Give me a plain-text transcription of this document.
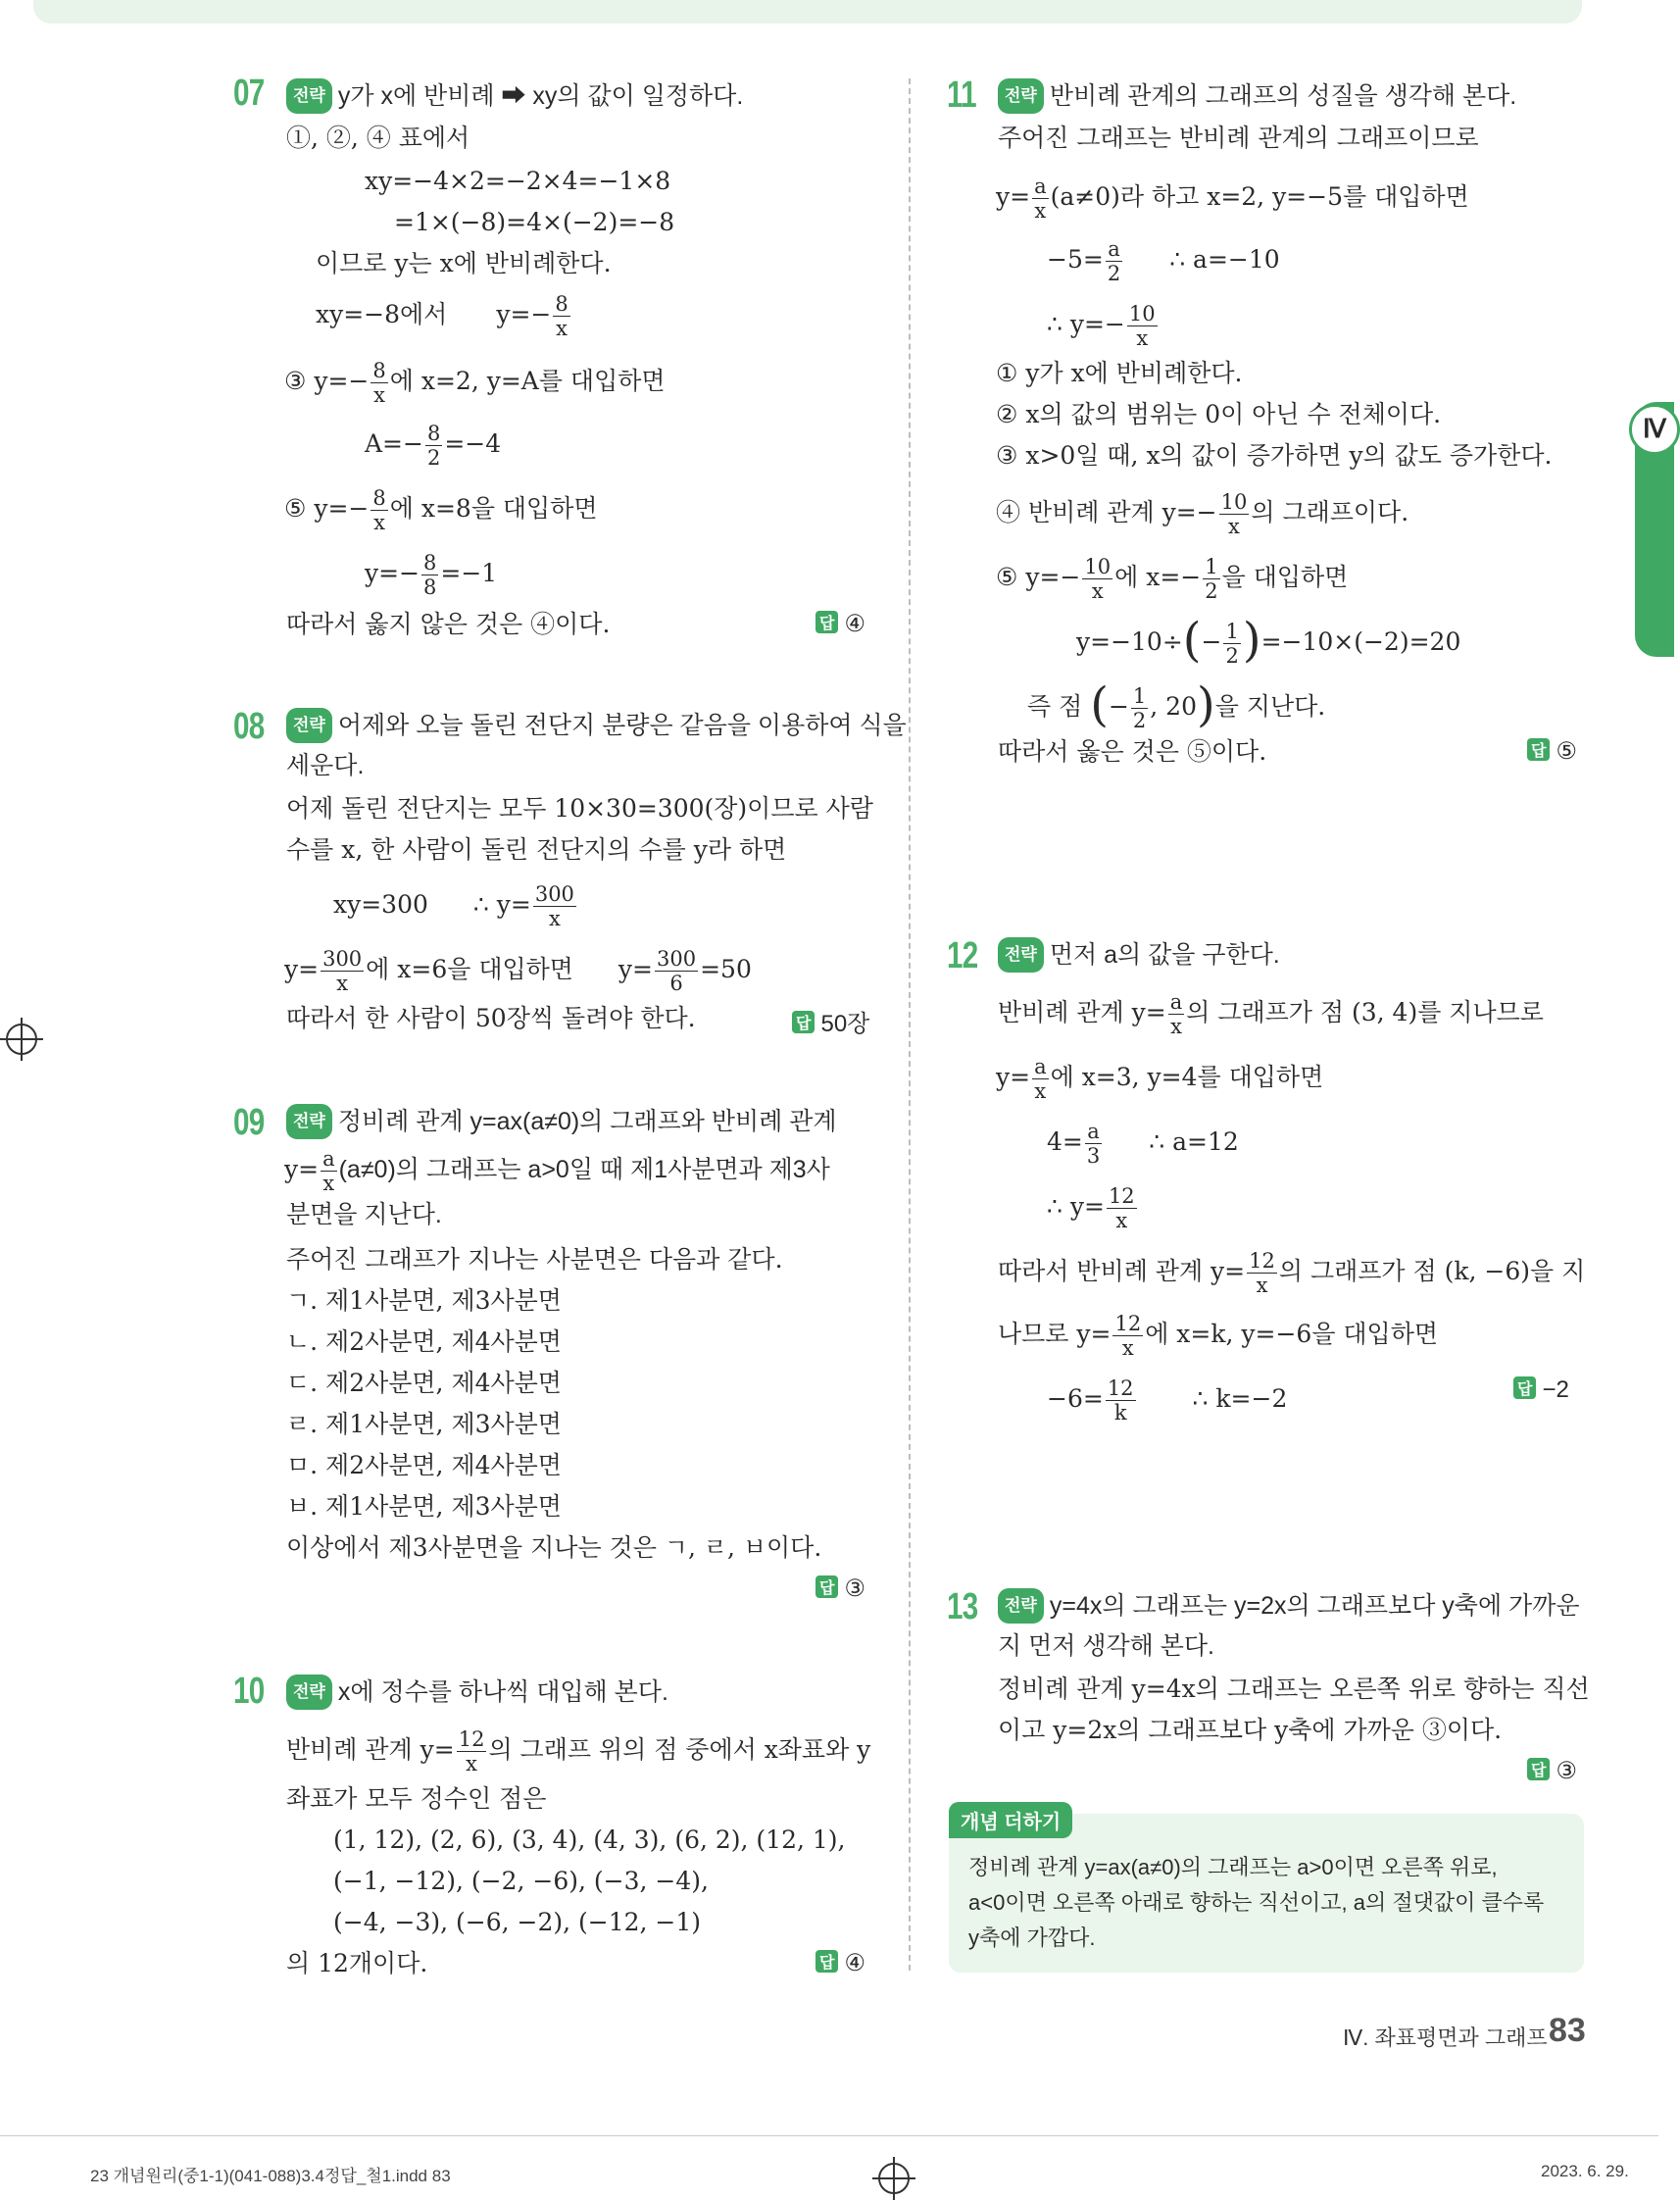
Ⅳ
07	전략 y가 x에 반비례 ➡ xy의 값이 일정하다.
①, ②, ④ 표에서
xy=−4×2=−2×4=−1×8
=1×(−8)=4×(−2)=−8
이므로 y는 x에 반비례한다.
xy=−8에서 $y=- \frac{8}{x}$
③ $y=- \frac{8}{x}$ 에 x=2, y=A를 대입하면
$A=- \frac{8}{2} =-4$
⑤ $y=- \frac{8}{x}$ 에 x=8을 대입하면
$y=- \frac{8}{8} =-1$
따라서 옳지 않은 것은 ④이다.	답 ④
08	전략 어제와 오늘 돌린 전단지 분량은 같음을 이용하여 식을
세운다.
어제 돌린 전단지는 모두 10×30=300(장)이므로 사람
수를 x, 한 사람이 돌린 전단지의 수를 y라 하면
xy=300 ∴ $y= \frac{300}{x}$
$y= \frac{300}{x}$ 에 x=6을 대입하면 $y= \frac{300}{6} =50$
따라서 한 사람이 50장씩 돌려야 한다.	답 50장
09	전략 정비례 관계 y=ax(a≠0)의 그래프와 반비례 관계
$y= \frac{a}{x} (a\ne 0)$의 그래프는 a>0일 때 제1사분면과 제3사
분면을 지난다.
주어진 그래프가 지나는 사분면은 다음과 같다.
ㄱ. 제1사분면, 제3사분면
ㄴ. 제2사분면, 제4사분면
ㄷ. 제2사분면, 제4사분면
ㄹ. 제1사분면, 제3사분면
ㅁ. 제2사분면, 제4사분면
ㅂ. 제1사분면, 제3사분면
이상에서 제3사분면을 지나는 것은 ㄱ, ㄹ, ㅂ이다.
답 ③
10	전략 x에 정수를 하나씩 대입해 본다.
반비례 관계 $y= \frac{12}{x}$ 의 그래프 위의 점 중에서 x좌표와 y
좌표가 모두 정수인 점은
(1, 12), (2, 6), (3, 4), (4, 3), (6, 2), (12, 1),
(−1, −12), (−2, −6), (−3, −4),
(−4, −3), (−6, −2), (−12, −1)
의 12개이다.	답 ④
11	전략 반비례 관계의 그래프의 성질을 생각해 본다.
주어진 그래프는 반비례 관계의 그래프이므로
$y= \frac{a}{x} (a\ne 0)$라 하고 x=2, y=−5를 대입하면
$-5= \frac{a}{2}$ ∴ a=−10
∴ $y=- \frac{10}{x}$
① y가 x에 반비례한다.
② x의 값의 범위는 0이 아닌 수 전체이다.
③ x>0일 때, x의 값이 증가하면 y의 값도 증가한다.
④ 반비례 관계 $y=- \frac{10}{x}$ 의 그래프이다.
⑤ $y=- \frac{10}{x}$ 에 $x=- \frac{1}{2}$ 을 대입하면
$y=-10\div(- \frac{1}{2} )=-10\times(-2)=20$
즉 점 (− $\frac{1}{2}$ , 20)을 지난다.
따라서 옳은 것은 ⑤이다.	답 ⑤
12	전략 먼저 a의 값을 구한다.
반비례 관계 $y= \frac{a}{x}$ 의 그래프가 점 (3, 4)를 지나므로
$y= \frac{a}{x}$ 에 x=3, y=4를 대입하면
$4= \frac{a}{3}$ ∴ a=12
∴ $y= \frac{12}{x}$
따라서 반비례 관계 $y= \frac{12}{x}$ 의 그래프가 점 (k, −6)을 지
나므로 $y= \frac{12}{x}$ 에 x=k, y=−6을 대입하면
$-6= \frac{12}{k}$ ∴ k=−2	답 −2
13	전략 y=4x의 그래프는 y=2x의 그래프보다 y축에 가까운
지 먼저 생각해 본다.
정비례 관계 y=4x의 그래프는 오른쪽 위로 향하는 직선
이고 y=2x의 그래프보다 y축에 가까운 ③이다.
답 ③
개념 더하기
정비례 관계 y=ax(a≠0)의 그래프는 a>0이면 오른쪽 위로,
a<0이면 오른쪽 아래로 향하는 직선이고, a의 절댓값이 클수록
y축에 가깝다.
Ⅳ. 좌표평면과 그래프 83
23 개념원리(중1-1)(041-088)3.4정답_철1.indd 83	2023. 6. 29.
